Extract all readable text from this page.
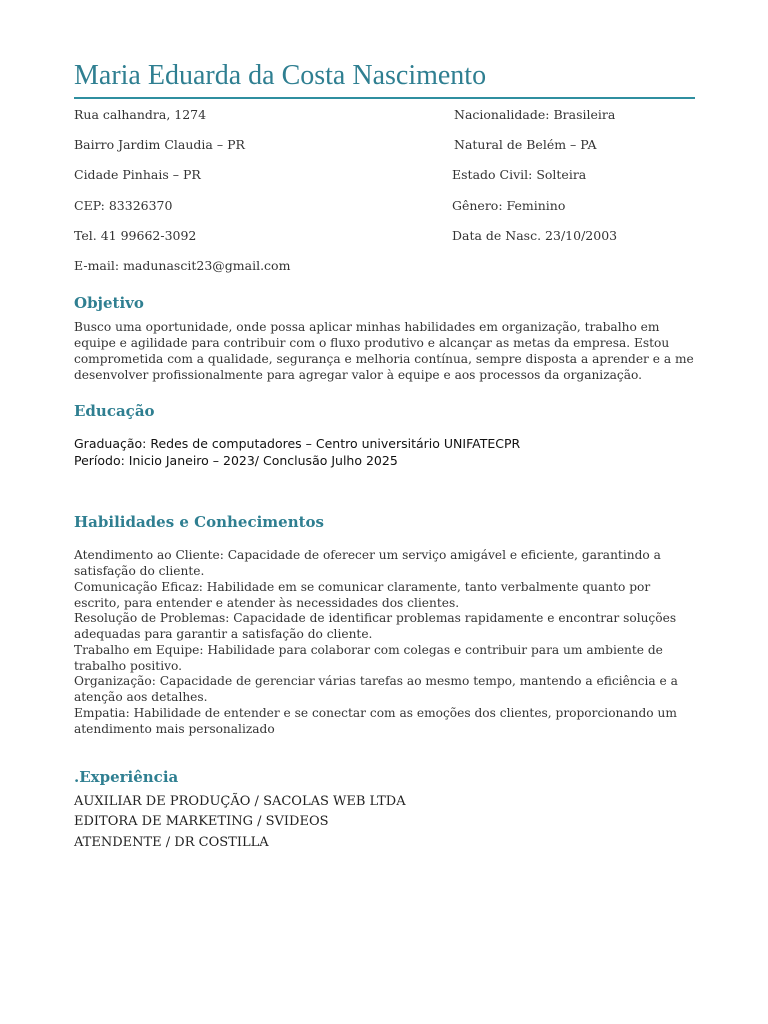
Maria Eduarda da Costa Nascimento
Rua calhandra, 1274
Bairro Jardim Claudia – PR
Cidade Pinhais – PR
CEP: 83326370
Tel. 41 99662-3092
E-mail: madunascit23@gmail.com
Nacionalidade: Brasileira
Natural de Belém – PA
Estado Civil: Solteira
Gênero: Feminino
Data de Nasc. 23/10/2003
Objetivo
Busco uma oportunidade, onde possa aplicar minhas habilidades em organização, trabalho em equipe e agilidade para contribuir com o fluxo produtivo e alcançar as metas da empresa. Estou comprometida com a qualidade, segurança e melhoria contínua, sempre disposta a aprender e a me desenvolver profissionalmente para agregar valor à equipe e aos processos da organização.
Educação
Graduação: Redes de computadores – Centro universitário UNIFATECPR
Período: Inicio Janeiro – 2023/ Conclusão Julho 2025
Habilidades e Conhecimentos
Atendimento ao Cliente: Capacidade de oferecer um serviço amigável e eficiente, garantindo a satisfação do cliente.
Comunicação Eficaz: Habilidade em se comunicar claramente, tanto verbalmente quanto por escrito, para entender e atender às necessidades dos clientes.
Resolução de Problemas: Capacidade de identificar problemas rapidamente e encontrar soluções adequadas para garantir a satisfação do cliente.
Trabalho em Equipe: Habilidade para colaborar com colegas e contribuir para um ambiente de trabalho positivo.
Organização: Capacidade de gerenciar várias tarefas ao mesmo tempo, mantendo a eficiência e a atenção aos detalhes.
Empatia: Habilidade de entender e se conectar com as emoções dos clientes, proporcionando um atendimento mais personalizado
.Experiência
AUXILIAR DE PRODUÇÃO / SACOLAS WEB LTDA
EDITORA DE MARKETING / SVIDEOS
ATENDENTE / DR COSTILLA
